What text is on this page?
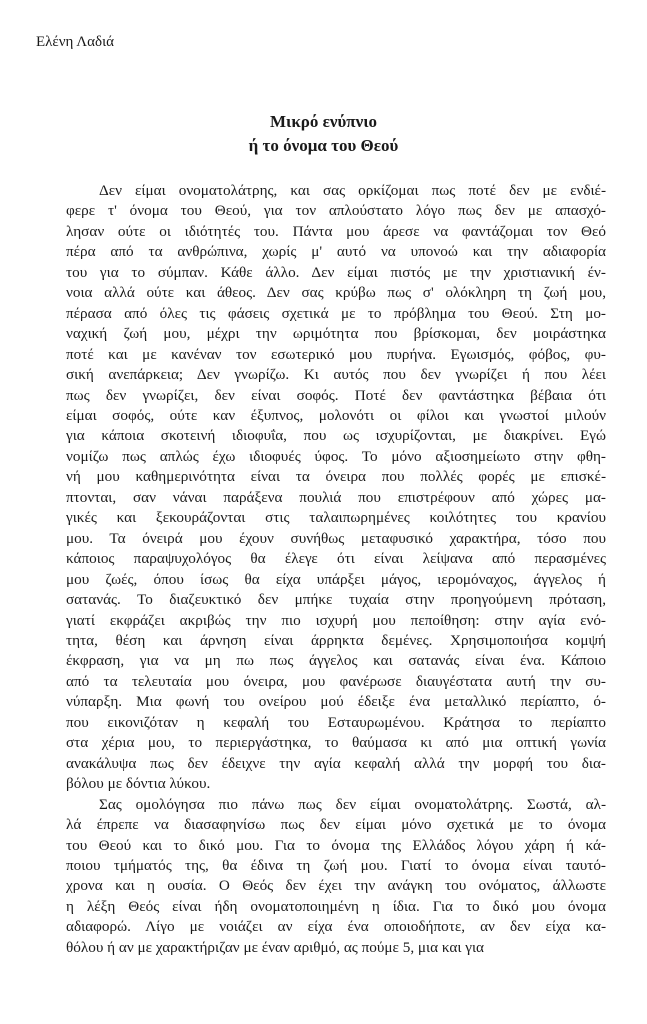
Ελένη Λαδιά
Μικρό ενύπνιο
ή το όνομα του Θεού
Δεν είμαι ονοματολάτρης, και σας ορκίζομαι πως ποτέ δεν με ενδιέ-
φερε τ' όνομα του Θεού, για τον απλούστατο λόγο πως δεν με απασχό-
λησαν ούτε οι ιδιότητές του. Πάντα μου άρεσε να φαντάζομαι τον Θεό
πέρα από τα ανθρώπινα, χωρίς μ' αυτό να υπονοώ και την αδιαφορία
του για το σύμπαν. Κάθε άλλο. Δεν είμαι πιστός με την χριστιανική έν-
νοια αλλά ούτε και άθεος. Δεν σας κρύβω πως σ' ολόκληρη τη ζωή μου,
πέρασα από όλες τις φάσεις σχετικά με το πρόβλημα του Θεού. Στη μο-
ναχική ζωή μου, μέχρι την ωριμότητα που βρίσκομαι, δεν μοιράστηκα
ποτέ και με κανέναν τον εσωτερικό μου πυρήνα. Εγωισμός, φόβος, φυ-
σική ανεπάρκεια; Δεν γνωρίζω. Κι αυτός που δεν γνωρίζει ή που λέει
πως δεν γνωρίζει, δεν είναι σοφός. Ποτέ δεν φαντάστηκα βέβαια ότι
είμαι σοφός, ούτε καν έξυπνος, μολονότι οι φίλοι και γνωστοί μιλούν
για κάποια σκοτεινή ιδιοφυΐα, που ως ισχυρίζονται, με διακρίνει. Εγώ
νομίζω πως απλώς έχω ιδιοφυές ύφος. Το μόνο αξιοσημείωτο στην φθη-
νή μου καθημερινότητα είναι τα όνειρα που πολλές φορές με επισκέ-
πτονται, σαν νάναι παράξενα πουλιά που επιστρέφουν από χώρες μα-
γικές και ξεκουράζονται στις ταλαιπωρημένες κοιλότητες του κρανίου
μου. Τα όνειρά μου έχουν συνήθως μεταφυσικό χαρακτήρα, τόσο που
κάποιος παραψυχολόγος θα έλεγε ότι είναι λείψανα από περασμένες
μου ζωές, όπου ίσως θα είχα υπάρξει μάγος, ιερομόναχος, άγγελος ή
σατανάς. Το διαζευκτικό δεν μπήκε τυχαία στην προηγούμενη πρόταση,
γιατί εκφράζει ακριβώς την πιο ισχυρή μου πεποίθηση: στην αγία ενό-
τητα, θέση και άρνηση είναι άρρηκτα δεμένες. Χρησιμοποιήσα κομψή
έκφραση, για να μη πω πως άγγελος και σατανάς είναι ένα. Κάποιο
από τα τελευταία μου όνειρα, μου φανέρωσε διαυγέστατα αυτή την συ-
νύπαρξη. Μια φωνή του ονείρου μού έδειξε ένα μεταλλικό περίαπτο, ό-
που εικονιζόταν η κεφαλή του Εσταυρωμένου. Κράτησα το περίαπτο
στα χέρια μου, το περιεργάστηκα, το θαύμασα κι από μια οπτική γωνία
ανακάλυψα πως δεν έδειχνε την αγία κεφαλή αλλά την μορφή του δια-
βόλου με δόντια λύκου.
Σας ομολόγησα πιο πάνω πως δεν είμαι ονοματολάτρης. Σωστά, αλ-
λά έπρεπε να διασαφηνίσω πως δεν είμαι μόνο σχετικά με το όνομα
του Θεού και το δικό μου. Για το όνομα της Ελλάδος λόγου χάρη ή κά-
ποιου τμήματός της, θα έδινα τη ζωή μου. Γιατί το όνομα είναι ταυτό-
χρονα και η ουσία. Ο Θεός δεν έχει την ανάγκη του ονόματος, άλλωστε
η λέξη Θεός είναι ήδη ονοματοποιημένη η ίδια. Για το δικό μου όνομα
αδιαφορώ. Λίγο με νοιάζει αν είχα ένα οποιοδήποτε, αν δεν είχα κα-
θόλου ή αν με χαρακτήριζαν με έναν αριθμό, ας πούμε 5, μια και για
